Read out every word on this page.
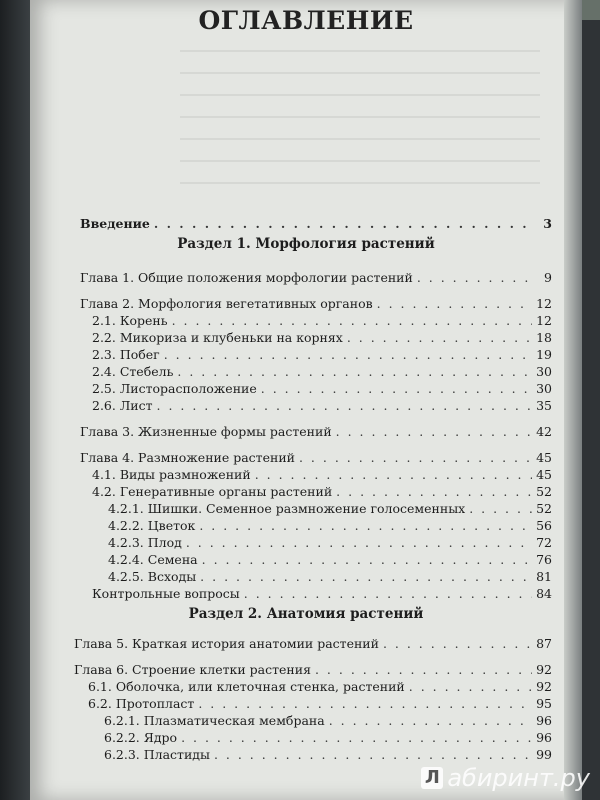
ОГЛАВЛЕНИЕ
Введение . . .	3
Раздел 1. Морфология растений
Глава 1. Общие положения морфологии растений . . .	9
Глава 2. Морфология вегетативных органов . . .	12
2.1. Корень . . .	12
2.2. Микориза и клубеньки на корнях . . .	18
2.3. Побег . . .	19
2.4. Стебель . . .	30
2.5. Листорасположение . . .	30
2.6. Лист . . .	35
Глава 3. Жизненные формы растений . . .	42
Глава 4. Размножение растений . . .	45
4.1. Виды размножений . . .	45
4.2. Генеративные органы растений . . .	52
4.2.1. Шишки. Семенное размножение голосеменных . . .	52
4.2.2. Цветок . . .	56
4.2.3. Плод . . .	72
4.2.4. Семена . . .	76
4.2.5. Всходы . . .	81
Контрольные вопросы . . .	84
Раздел 2. Анатомия растений
Глава 5. Краткая история анатомии растений . . .	87
Глава 6. Строение клетки растения . . .	92
6.1. Оболочка, или клеточная стенка, растений . . .	92
6.2. Протопласт . . .	95
6.2.1. Плазматическая мембрана . . .	96
6.2.2. Ядро . . .	96
6.2.3. Пластиды . . .	99
Л абиринт.ру
